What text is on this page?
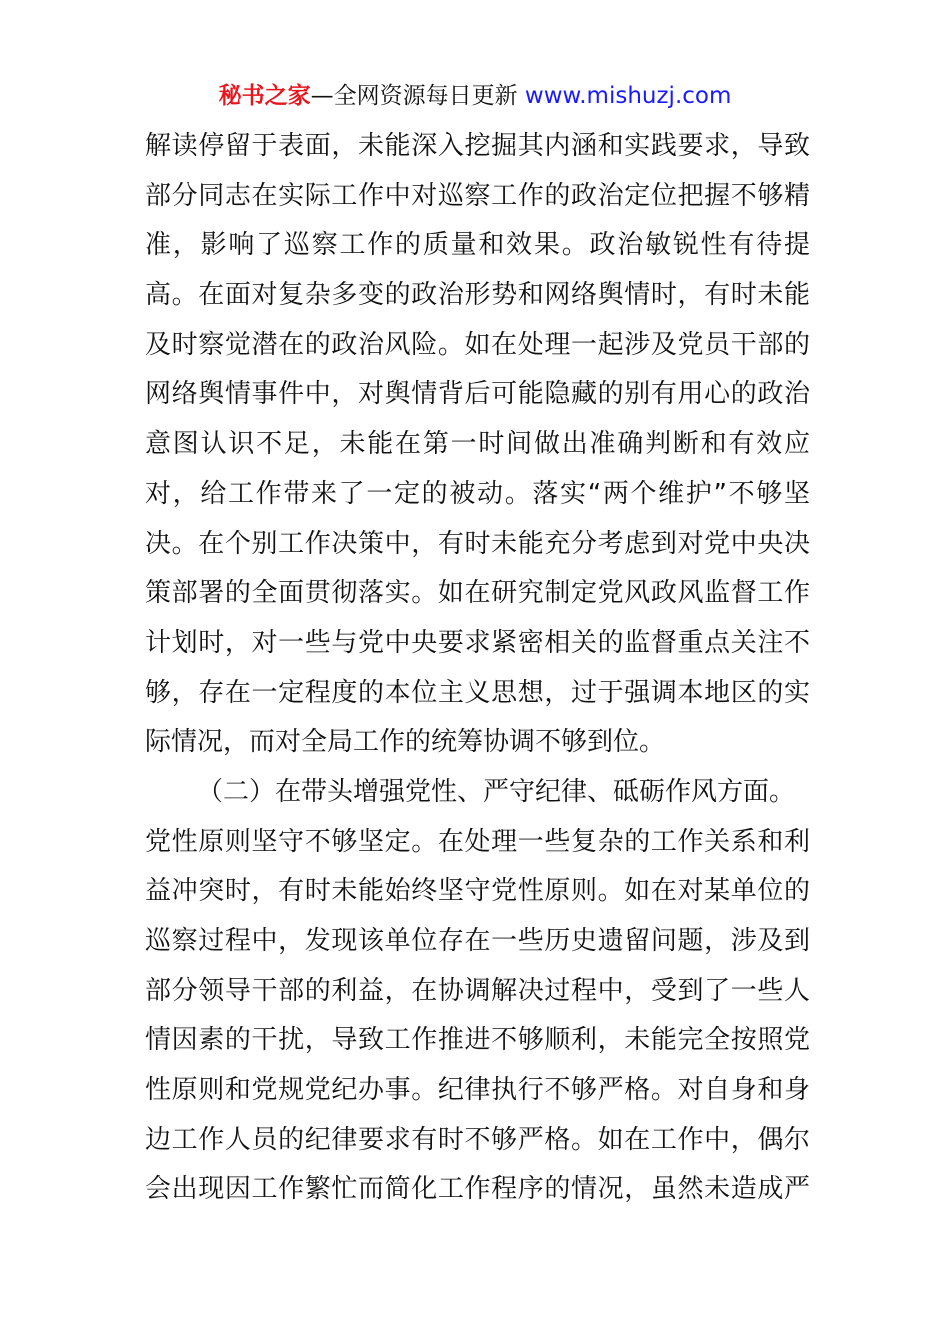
秘书之家—全网资源每日更新 www.mishuzj.com
解读停留于表面，未能深入挖掘其内涵和实践要求，导致
部分同志在实际工作中对巡察工作的政治定位把握不够精
准，影响了巡察工作的质量和效果。政治敏锐性有待提
高。在面对复杂多变的政治形势和网络舆情时，有时未能
及时察觉潜在的政治风险。如在处理一起涉及党员干部的
网络舆情事件中，对舆情背后可能隐藏的别有用心的政治
意图认识不足，未能在第一时间做出准确判断和有效应
对，给工作带来了一定的被动。落实“两个维护”不够坚
决。在个别工作决策中，有时未能充分考虑到对党中央决
策部署的全面贯彻落实。如在研究制定党风政风监督工作
计划时，对一些与党中央要求紧密相关的监督重点关注不
够，存在一定程度的本位主义思想，过于强调本地区的实
际情况，而对全局工作的统筹协调不够到位。
（二）在带头增强党性、严守纪律、砥砺作风方面。
党性原则坚守不够坚定。在处理一些复杂的工作关系和利
益冲突时，有时未能始终坚守党性原则。如在对某单位的
巡察过程中，发现该单位存在一些历史遗留问题，涉及到
部分领导干部的利益，在协调解决过程中，受到了一些人
情因素的干扰，导致工作推进不够顺利，未能完全按照党
性原则和党规党纪办事。纪律执行不够严格。对自身和身
边工作人员的纪律要求有时不够严格。如在工作中，偶尔
会出现因工作繁忙而简化工作程序的情况，虽然未造成严
